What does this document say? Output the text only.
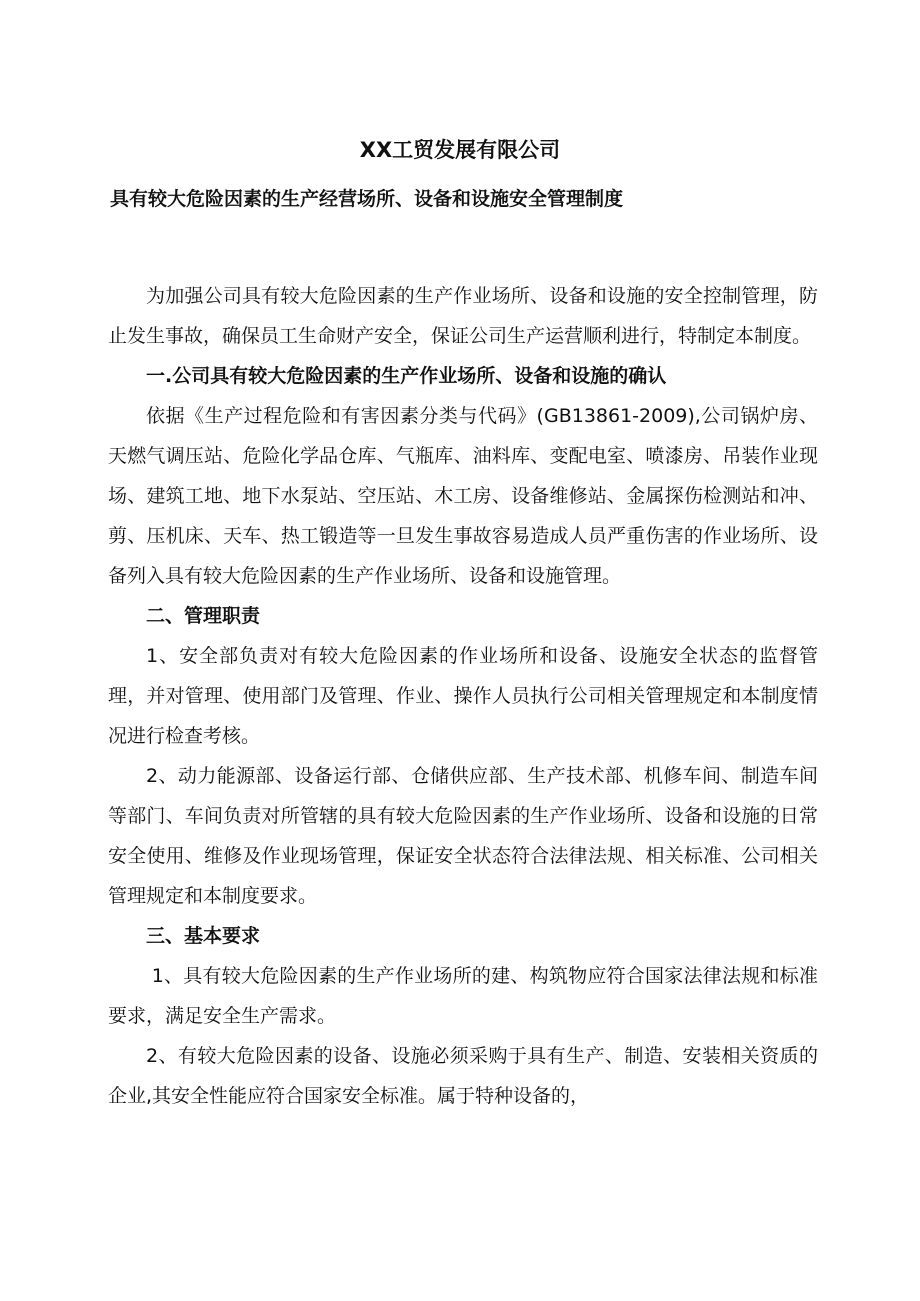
XX工贸发展有限公司
具有较大危险因素的生产经营场所、设备和设施安全管理制度

为加强公司具有较大危险因素的生产作业场所、设备和设施的安全控制管理，防止发生事故，确保员工生命财产安全，保证公司生产运营顺利进行，特制定本制度。

一.公司具有较大危险因素的生产作业场所、设备和设施的确认

依据《生产过程危险和有害因素分类与代码》(GB13861-2009),公司锅炉房、天燃气调压站、危险化学品仓库、气瓶库、油料库、变配电室、喷漆房、吊装作业现场、建筑工地、地下水泵站、空压站、木工房、设备维修站、金属探伤检测站和冲、剪、压机床、天车、热工锻造等一旦发生事故容易造成人员严重伤害的作业场所、设备列入具有较大危险因素的生产作业场所、设备和设施管理。

二、管理职责

1、安全部负责对有较大危险因素的作业场所和设备、设施安全状态的监督管理，并对管理、使用部门及管理、作业、操作人员执行公司相关管理规定和本制度情况进行检查考核。

2、动力能源部、设备运行部、仓储供应部、生产技术部、机修车间、制造车间等部门、车间负责对所管辖的具有较大危险因素的生产作业场所、设备和设施的日常安全使用、维修及作业现场管理，保证安全状态符合法律法规、相关标准、公司相关管理规定和本制度要求。

三、基本要求

1、具有较大危险因素的生产作业场所的建、构筑物应符合国家法律法规和标准要求，满足安全生产需求。

2、有较大危险因素的设备、设施必须采购于具有生产、制造、安装相关资质的企业,其安全性能应符合国家安全标准。属于特种设备的，
